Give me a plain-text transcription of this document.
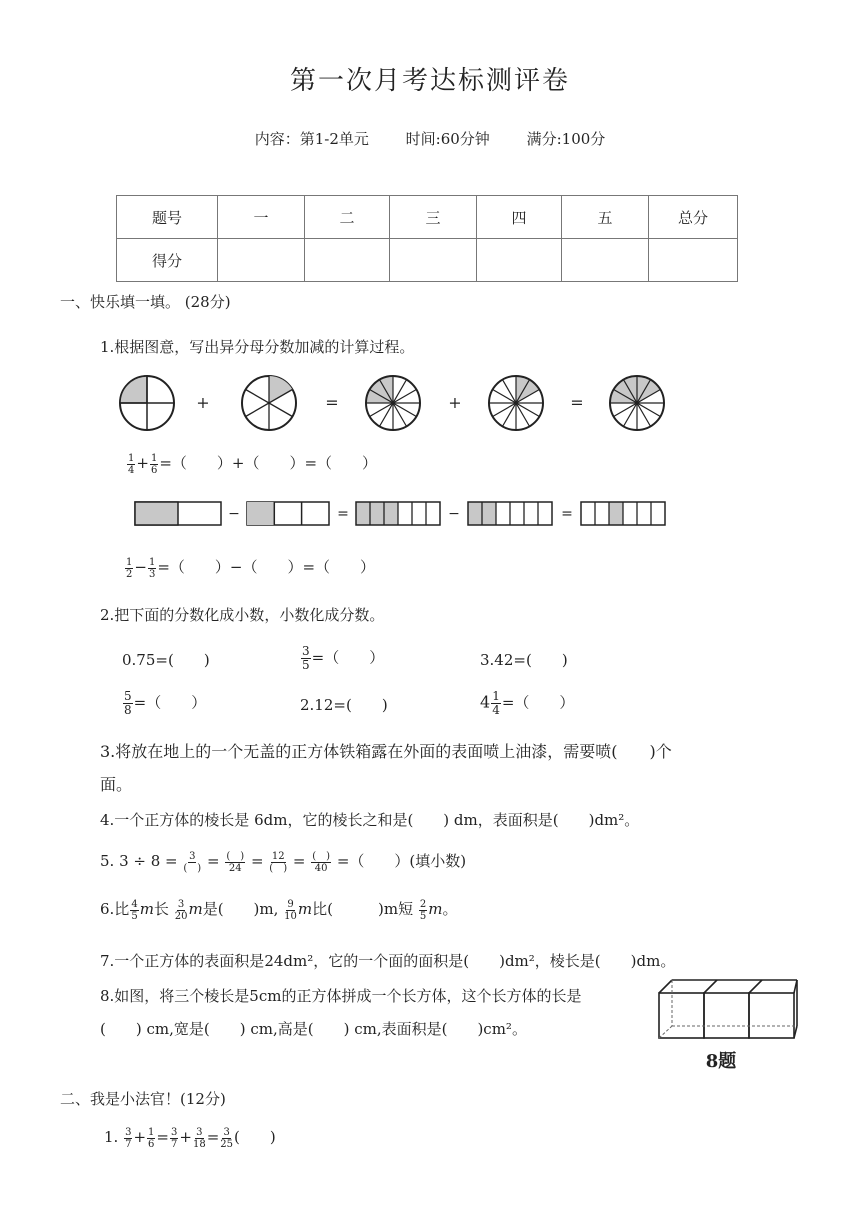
第一次月考达标测评卷
内容：第1-2单元 时间:60分钟 满分:100分
题号	一	二	三	四	五	总分
得分						
一、快乐填一填。 (28分)
1.根据图意，写出异分母分数加减的计算过程。
+	=	+	=
$\frac{1}{4} + \frac{1}{6}$ =（　　）+（　　）=（　　）
−	=	−	=
$\frac{1}{2} - \frac{1}{3}$ =（　　）−（　　）=（　　）
2.把下面的分数化成小数，小数化成分数。
0.75=(　　)	$\frac{3}{5}$ =（　　）	3.42=(　　)
$\frac{5}{8}$ =（　　）	2.12=(　　)	$4 \frac{1}{4}$ =（　　）
3.将放在地上的一个无盖的正方体铁箱露在外面的表面喷上油漆，需要喷(　　)个
面。
4.一个正方体的棱长是 6dm，它的棱长之和是(　　) dm，表面积是(　　)dm²。
5. $3 \div 8 = \frac{3}{( )} = \frac{( )}{24} = \frac{12}{( )} = \frac{( )}{40}$ =（　　）(填小数)
6.比 $\frac{4}{5}$ m长 $\frac{3}{20}$ m是(　　)m, $\frac{9}{10}$ m比(　　　)m短 $\frac{2}{5}$ m。
7.一个正方体的表面积是24dm²，它的一个面的面积是(　　)dm²，棱长是(　　)dm。
8.如图，将三个棱长是5cm的正方体拼成一个长方体，这个长方体的长是
(　　) cm,宽是(　　) cm,高是(　　) cm,表面积是(　　)cm²。
8题
二、我是小法官！(12分)
1. $\frac{3}{7} + \frac{1}{6} = \frac{3}{7} + \frac{3}{18} = \frac{3}{25}$ (　　)
